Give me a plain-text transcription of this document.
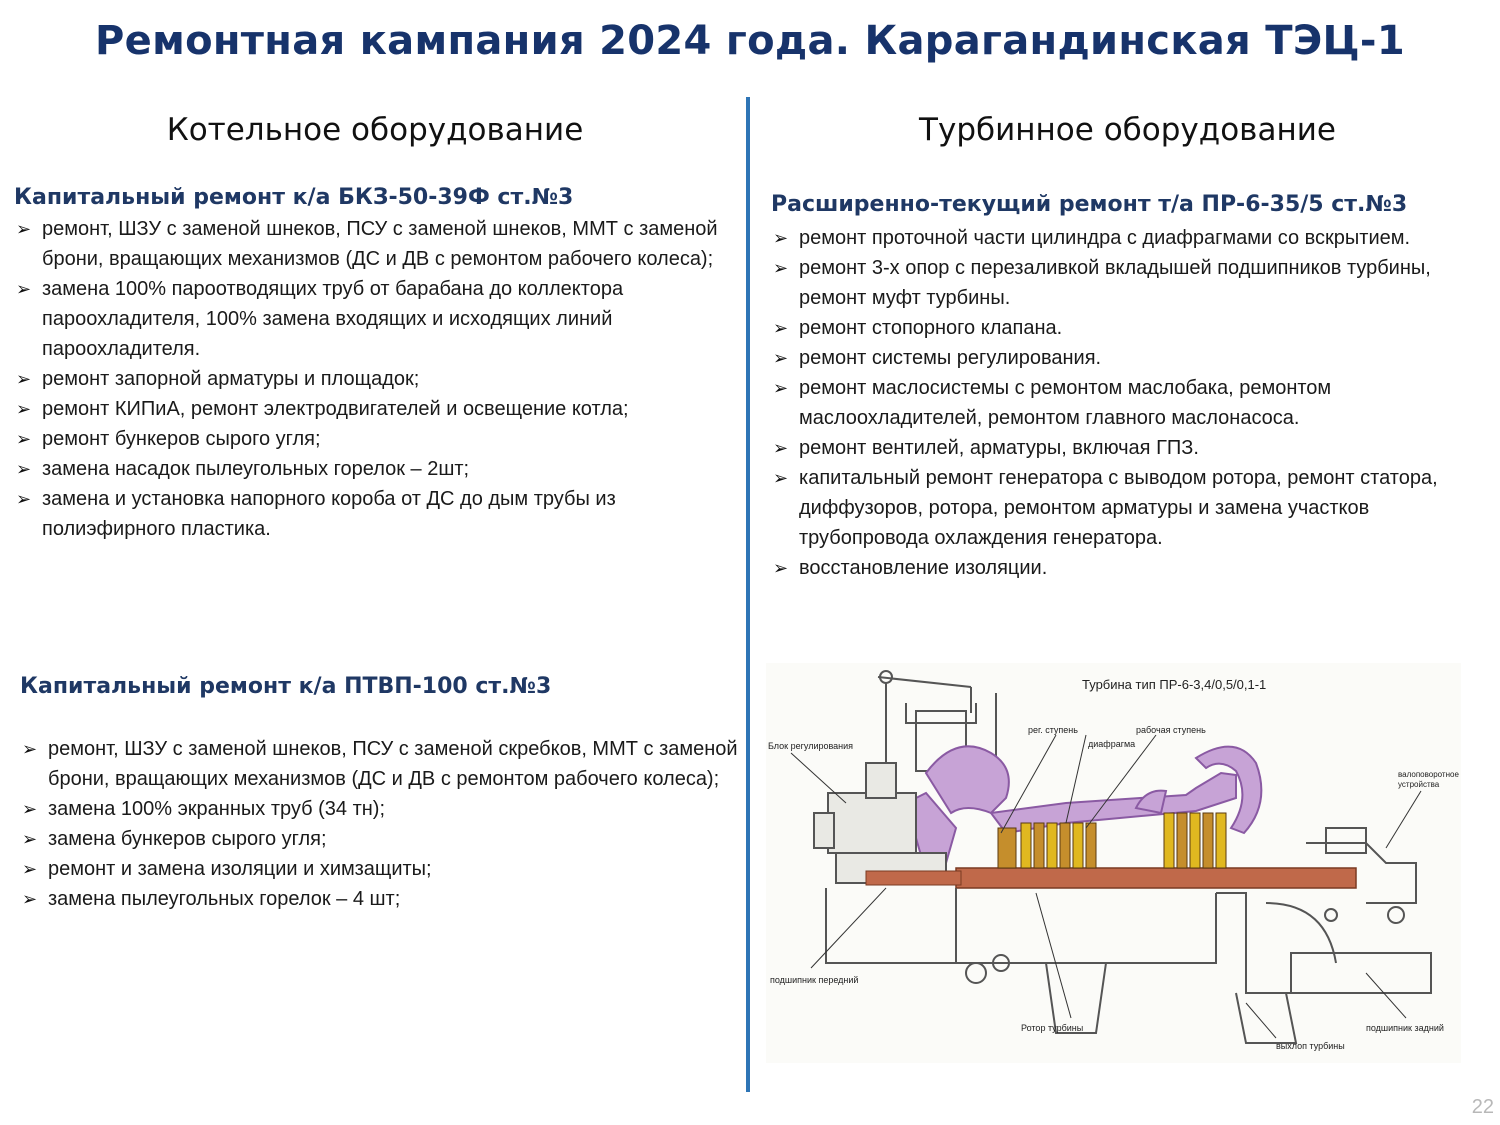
Ремонтная кампания 2024 года. Карагандинская ТЭЦ-1
Котельное оборудование
Капитальный ремонт к/а БКЗ-50-39Ф ст.№3
➢ ремонт, ШЗУ с заменой шнеков, ПСУ с заменой шнеков, ММТ с заменой брони, вращающих механизмов (ДС и ДВ с ремонтом рабочего колеса);
➢ замена 100% пароотводящих труб от барабана до коллектора пароохладителя, 100% замена входящих и исходящих линий пароохладителя.
➢ ремонт запорной арматуры и площадок;
➢ ремонт КИПиА, ремонт электродвигателей и освещение котла;
➢ ремонт бункеров сырого угля;
➢ замена насадок пылеугольных горелок – 2шт;
➢ замена и установка напорного короба от ДС до дым трубы из полиэфирного пластика.
Капитальный ремонт к/а ПТВП-100 ст.№3
➢ ремонт, ШЗУ с заменой шнеков, ПСУ с заменой скребков, ММТ с заменой брони, вращающих механизмов (ДС и ДВ с ремонтом рабочего колеса);
➢ замена 100% экранных труб (34 тн);
➢ замена бункеров сырого угля;
➢ ремонт и замена изоляции и химзащиты;
➢ замена пылеугольных горелок – 4 шт;
Турбинное оборудование
Расширенно-текущий ремонт т/а ПР-6-35/5 ст.№3
➢ ремонт проточной части цилиндра с диафрагмами со вскрытием.
➢ ремонт 3-х опор с перезаливкой вкладышей подшипников турбины, ремонт муфт турбины.
➢ ремонт стопорного клапана.
➢ ремонт системы регулирования.
➢ ремонт маслосистемы с ремонтом маслобака, ремонтом маслоохладителей, ремонтом главного маслонасоса.
➢ ремонт вентилей, арматуры, включая ГПЗ.
➢ капитальный ремонт генератора с выводом ротора, ремонт статора, диффузоров, ротора, ремонтом арматуры и замена участков трубопровода охлаждения генератора.
➢ восстановление изоляции.
Турбина тип ПР-6-3,4/0,5/0,1-1
Блок регулирования
рег. ступень
диафрагма
рабочая ступень
валоповоротное
устройства
подшипник передний
Ротор турбины
выхлоп турбины
подшипник задний
22
